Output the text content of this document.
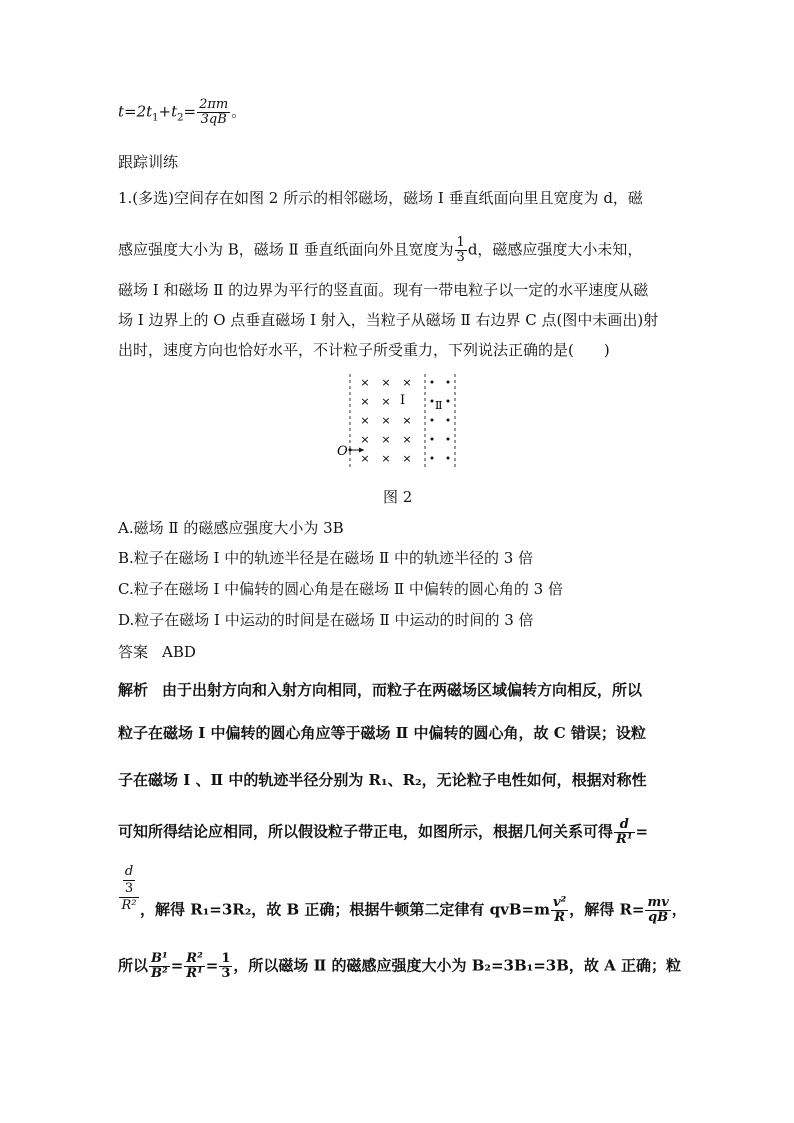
$t=2t_1+t_2= \frac{2\pi m}{3qB}$ 。
跟踪训练
1.(多选)空间存在如图 2 所示的相邻磁场，磁场 Ⅰ 垂直纸面向里且宽度为 d，磁
感应强度大小为 B，磁场 Ⅱ 垂直纸面向外且宽度为 $\frac{1}{3}$ d，磁感应强度大小未知，
磁场 Ⅰ 和磁场 Ⅱ 的边界为平行的竖直面。现有一带电粒子以一定的水平速度从磁
场 Ⅰ 边界上的 O 点垂直磁场 Ⅰ 射入，当粒子从磁场 Ⅱ 右边界 C 点(图中未画出)射
出时，速度方向也恰好水平，不计粒子所受重力，下列说法正确的是(　　)
× × ×
× ×
× × ×
× × ×
× × ×
Ⅰ	Ⅱ
O
图 2
A.磁场 Ⅱ 的磁感应强度大小为 3B
B.粒子在磁场 Ⅰ 中的轨迹半径是在磁场 Ⅱ 中的轨迹半径的 3 倍
C.粒子在磁场 Ⅰ 中偏转的圆心角是在磁场 Ⅱ 中偏转的圆心角的 3 倍
D.粒子在磁场 Ⅰ 中运动的时间是在磁场 Ⅱ 中运动的时间的 3 倍
答案 ABD
解析 由于出射方向和入射方向相同，而粒子在两磁场区域偏转方向相反，所以
粒子在磁场 Ⅰ 中偏转的圆心角应等于磁场 Ⅱ 中偏转的圆心角，故 C 错误；设粒
子在磁场 Ⅰ 、Ⅱ 中的轨迹半径分别为 R₁、R₂，无论粒子电性如何，根据对称性
可知所得结论应相同，所以假设粒子带正电，如图所示，根据几何关系可得 $\frac{d}{\text{R¹}}$ =
d
3
R² ，解得 R₁=3R₂，故 B 正确；根据牛顿第二定律有 $qvB=m \frac{\text{v²}}{R}$ ，解得 $R= \frac{mv}{qB}$ ，
所以 $\frac{\text{B¹}}{\text{B²}} = \frac{\text{R²}}{\text{R¹}} = \frac{1}{3}$ ，所以磁场 Ⅱ 的磁感应强度大小为 B₂=3B₁=3B，故 A 正确；粒
